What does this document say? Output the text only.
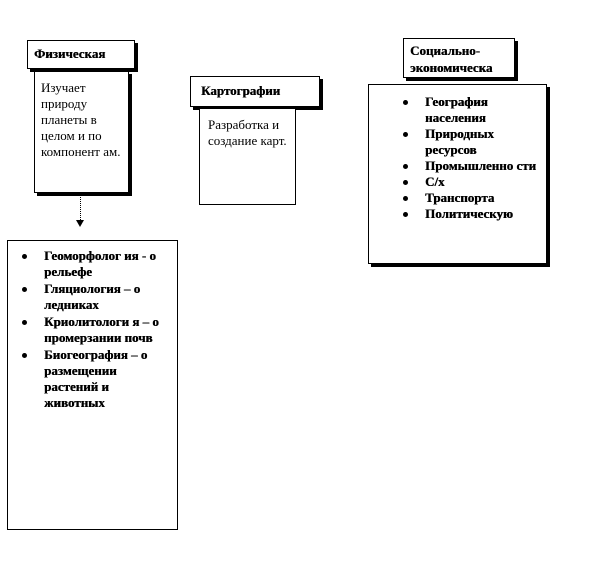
Физическая
Изучает природу планеты в целом и по компонент ам.
Геоморфолог ия - о рельефе
Гляциология – о ледниках
Криолитологи я – о промерзании почв
Биогеография – о размещении растений и животных
Картографии
Разработка и создание карт.
Социально-экономическа
География населения
Природных ресурсов
Промышленно сти
С/х
Транспорта
Политическую
